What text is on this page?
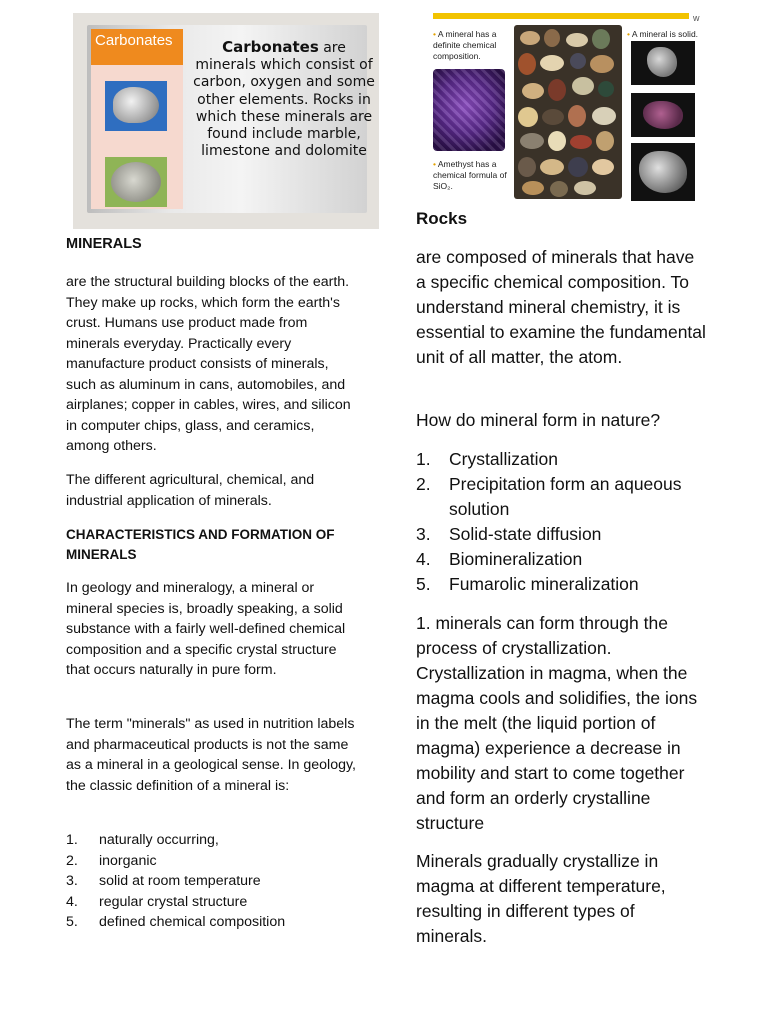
Carbonates	Carbonates are minerals which consist of carbon, oxygen and some other elements. Rocks in which these minerals are found include marble, limestone and dolomite
w
• A mineral has a definite chemical composition.
• Amethyst has a chemical formula of SiO₂.
• A mineral is solid.
MINERALS

are the structural building blocks of the earth. They make up rocks, which form the earth's crust. Humans use product made from minerals everyday. Practically every manufacture product consists of minerals, such as aluminum in cans, automobiles, and airplanes; copper in cables, wires, and silicon in computer chips, glass, and ceramics, among others.

The different agricultural, chemical, and industrial application of minerals.

CHARACTERISTICS AND FORMATION OF MINERALS

In geology and mineralogy, a mineral or mineral species is, broadly speaking, a solid substance with a fairly well-defined chemical composition and a specific crystal structure that occurs naturally in pure form.

The term "minerals" as used in nutrition labels and pharmaceutical products is not the same as a mineral in a geological sense. In geology, the classic definition of a mineral is:

1. naturally occurring,
2. inorganic
3. solid at room temperature
4. regular crystal structure
5. defined chemical composition
Rocks

are composed of minerals that have a specific chemical composition. To understand mineral chemistry, it is essential to examine the fundamental unit of all matter, the atom.

How do mineral form in nature?

1. Crystallization
2. Precipitation form an aqueous solution
3. Solid-state diffusion
4. Biomineralization
5. Fumarolic mineralization

1. minerals can form through the process of crystallization. Crystallization in magma, when the magma cools and solidifies, the ions in the melt (the liquid portion of magma) experience a decrease in mobility and start to come together and form an orderly crystalline structure

Minerals gradually crystallize in magma at different temperature, resulting in different types of minerals.
